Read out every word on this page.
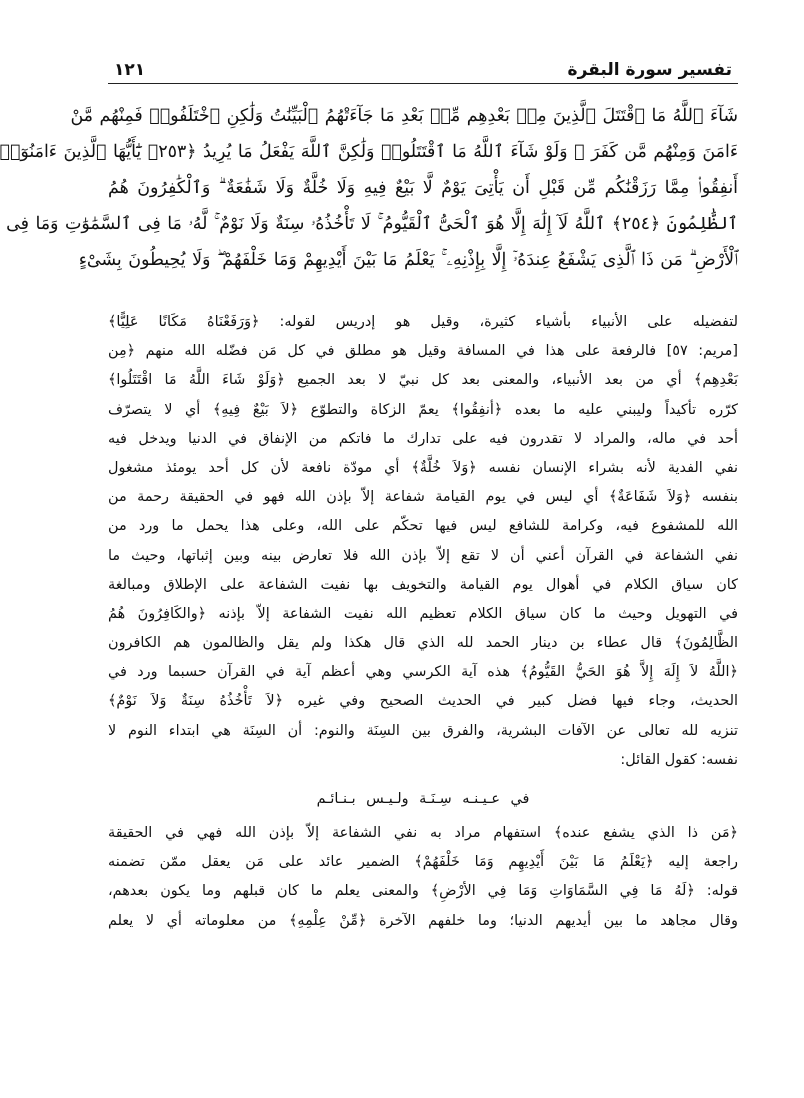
تفسير سورة البقرة
١٢١
شَآءَ ٱللَّهُ مَا ٱقْتَتَلَ ٱلَّذِينَ مِنۢ بَعْدِهِم مِّنۢ بَعْدِ مَا جَآءَتْهُمُ ٱلْبَيِّنَٰتُ وَلَٰكِنِ ٱخْتَلَفُوا۟ فَمِنْهُم مَّنْ
ءَامَنَ وَمِنْهُم مَّن كَفَرَ ۚ وَلَوْ شَآءَ ٱللَّهُ مَا ٱقْتَتَلُوا۟ وَلَٰكِنَّ ٱللَّهَ يَفْعَلُ مَا يُرِيدُ ﴿٢٥٣﴾ يَٰٓأَيُّهَا ٱلَّذِينَ ءَامَنُوٓا۟
أَنفِقُوا۟ مِمَّا رَزَقْنَٰكُم مِّن قَبْلِ أَن يَأْتِىَ يَوْمٌ لَّا بَيْعٌ فِيهِ وَلَا خُلَّةٌ وَلَا شَفَٰعَةٌ ۗ وَٱلْكَٰفِرُونَ هُمُ
ٱلظَّٰلِمُونَ ﴿٢٥٤﴾ ٱللَّهُ لَآ إِلَٰهَ إِلَّا هُوَ ٱلْحَىُّ ٱلْقَيُّومُ ۚ لَا تَأْخُذُهُۥ سِنَةٌ وَلَا نَوْمٌ ۚ لَّهُۥ مَا فِى ٱلسَّمَٰوَٰتِ وَمَا فِى
ٱلْأَرْضِ ۗ مَن ذَا ٱلَّذِى يَشْفَعُ عِندَهُۥٓ إِلَّا بِإِذْنِهِۦ ۚ يَعْلَمُ مَا بَيْنَ أَيْدِيهِمْ وَمَا خَلْفَهُمْ ۖ وَلَا يُحِيطُونَ بِشَىْءٍ
لتفضيله على الأنبياء بأشياء كثيرة، وقيل هو إدريس لقوله: ﴿وَرَفَعْنَاهُ مَكَانًا عَلِيًّا﴾
[مريم: ٥٧] فالرفعة على هذا في المسافة وقيل هو مطلق في كل مَن فضّله الله منهم ﴿مِن
بَعْدِهِم﴾ أي من بعد الأنبياء، والمعنى بعد كل نبيّ لا بعد الجميع ﴿وَلَوْ شَاءَ اللَّهُ مَا اقْتَتَلُوا﴾
كرّره تأكيداً وليبني عليه ما بعده ﴿أنفِقُوا﴾ يعمّ الزكاة والتطوّع ﴿لاَ بَيْعٌ فِيهِ﴾ أي لا يتصرّف
أحد في ماله، والمراد لا تقدرون فيه على تدارك ما فاتكم من الإنفاق في الدنيا ويدخل فيه
نفي الفدية لأنه بشراء الإنسان نفسه ﴿وَلاَ خُلَّةٌ﴾ أي مودّة نافعة لأن كل أحد يومئذ مشغول
بنفسه ﴿وَلاَ شَفَاعَةٌ﴾ أي ليس في يوم القيامة شفاعة إلاّ بإذن الله فهو في الحقيقة رحمة من
الله للمشفوع فيه، وكرامة للشافع ليس فيها تحكّم على الله، وعلى هذا يحمل ما ورد من
نفي الشفاعة في القرآن أعني أن لا تقع إلاّ بإذن الله فلا تعارض بينه وبين إثباتها، وحيث ما
كان سياق الكلام في أهوال يوم القيامة والتخويف بها نفيت الشفاعة على الإطلاق ومبالغة
في التهويل وحيث ما كان سياق الكلام تعظيم الله نفيت الشفاعة إلاّ بإذنه ﴿والكَافِرُونَ هُمُ
الظَّالِمُونَ﴾ قال عطاء بن دينار الحمد لله الذي قال هكذا ولم يقل والظالمون هم الكافرون
﴿اللَّهُ لاَ إِلَهَ إِلاَّ هُوَ الحَيُّ القَيُّومُ﴾ هذه آية الكرسي وهي أعظم آية في القرآن حسبما ورد في
الحديث، وجاء فيها فضل كبير في الحديث الصحيح وفي غيره ﴿لاَ تَأْخُذُهُ سِنَةٌ وَلاَ نَوْمٌ﴾
تنزيه لله تعالى عن الآفات البشرية، والفرق بين السِنَة والنوم: أن السِنَة هي ابتداء النوم لا
نفسه: كقول القائل:
في عـيـنـه سِـنَـة ولـيـس بـنـائـم
﴿مَن ذا الذي يشفع عنده﴾ استفهام مراد به نفي الشفاعة إلاّ بإذن الله فهي في الحقيقة
راجعة إليه ﴿يَعْلَمُ مَا بَيْنَ أَيْدِيهِم وَمَا خَلْفَهُمْ﴾ الضمير عائد على مَن يعقل ممّن تضمنه
قوله: ﴿لَهُ مَا فِي السَّمَاوَاتِ وَمَا فِي الأرْضِ﴾ والمعنى يعلم ما كان قبلهم وما يكون بعدهم،
وقال مجاهد ما بين أيديهم الدنيا؛ وما خلفهم الآخرة ﴿مِّنْ عِلْمِهِ﴾ من معلوماته أي لا يعلم
